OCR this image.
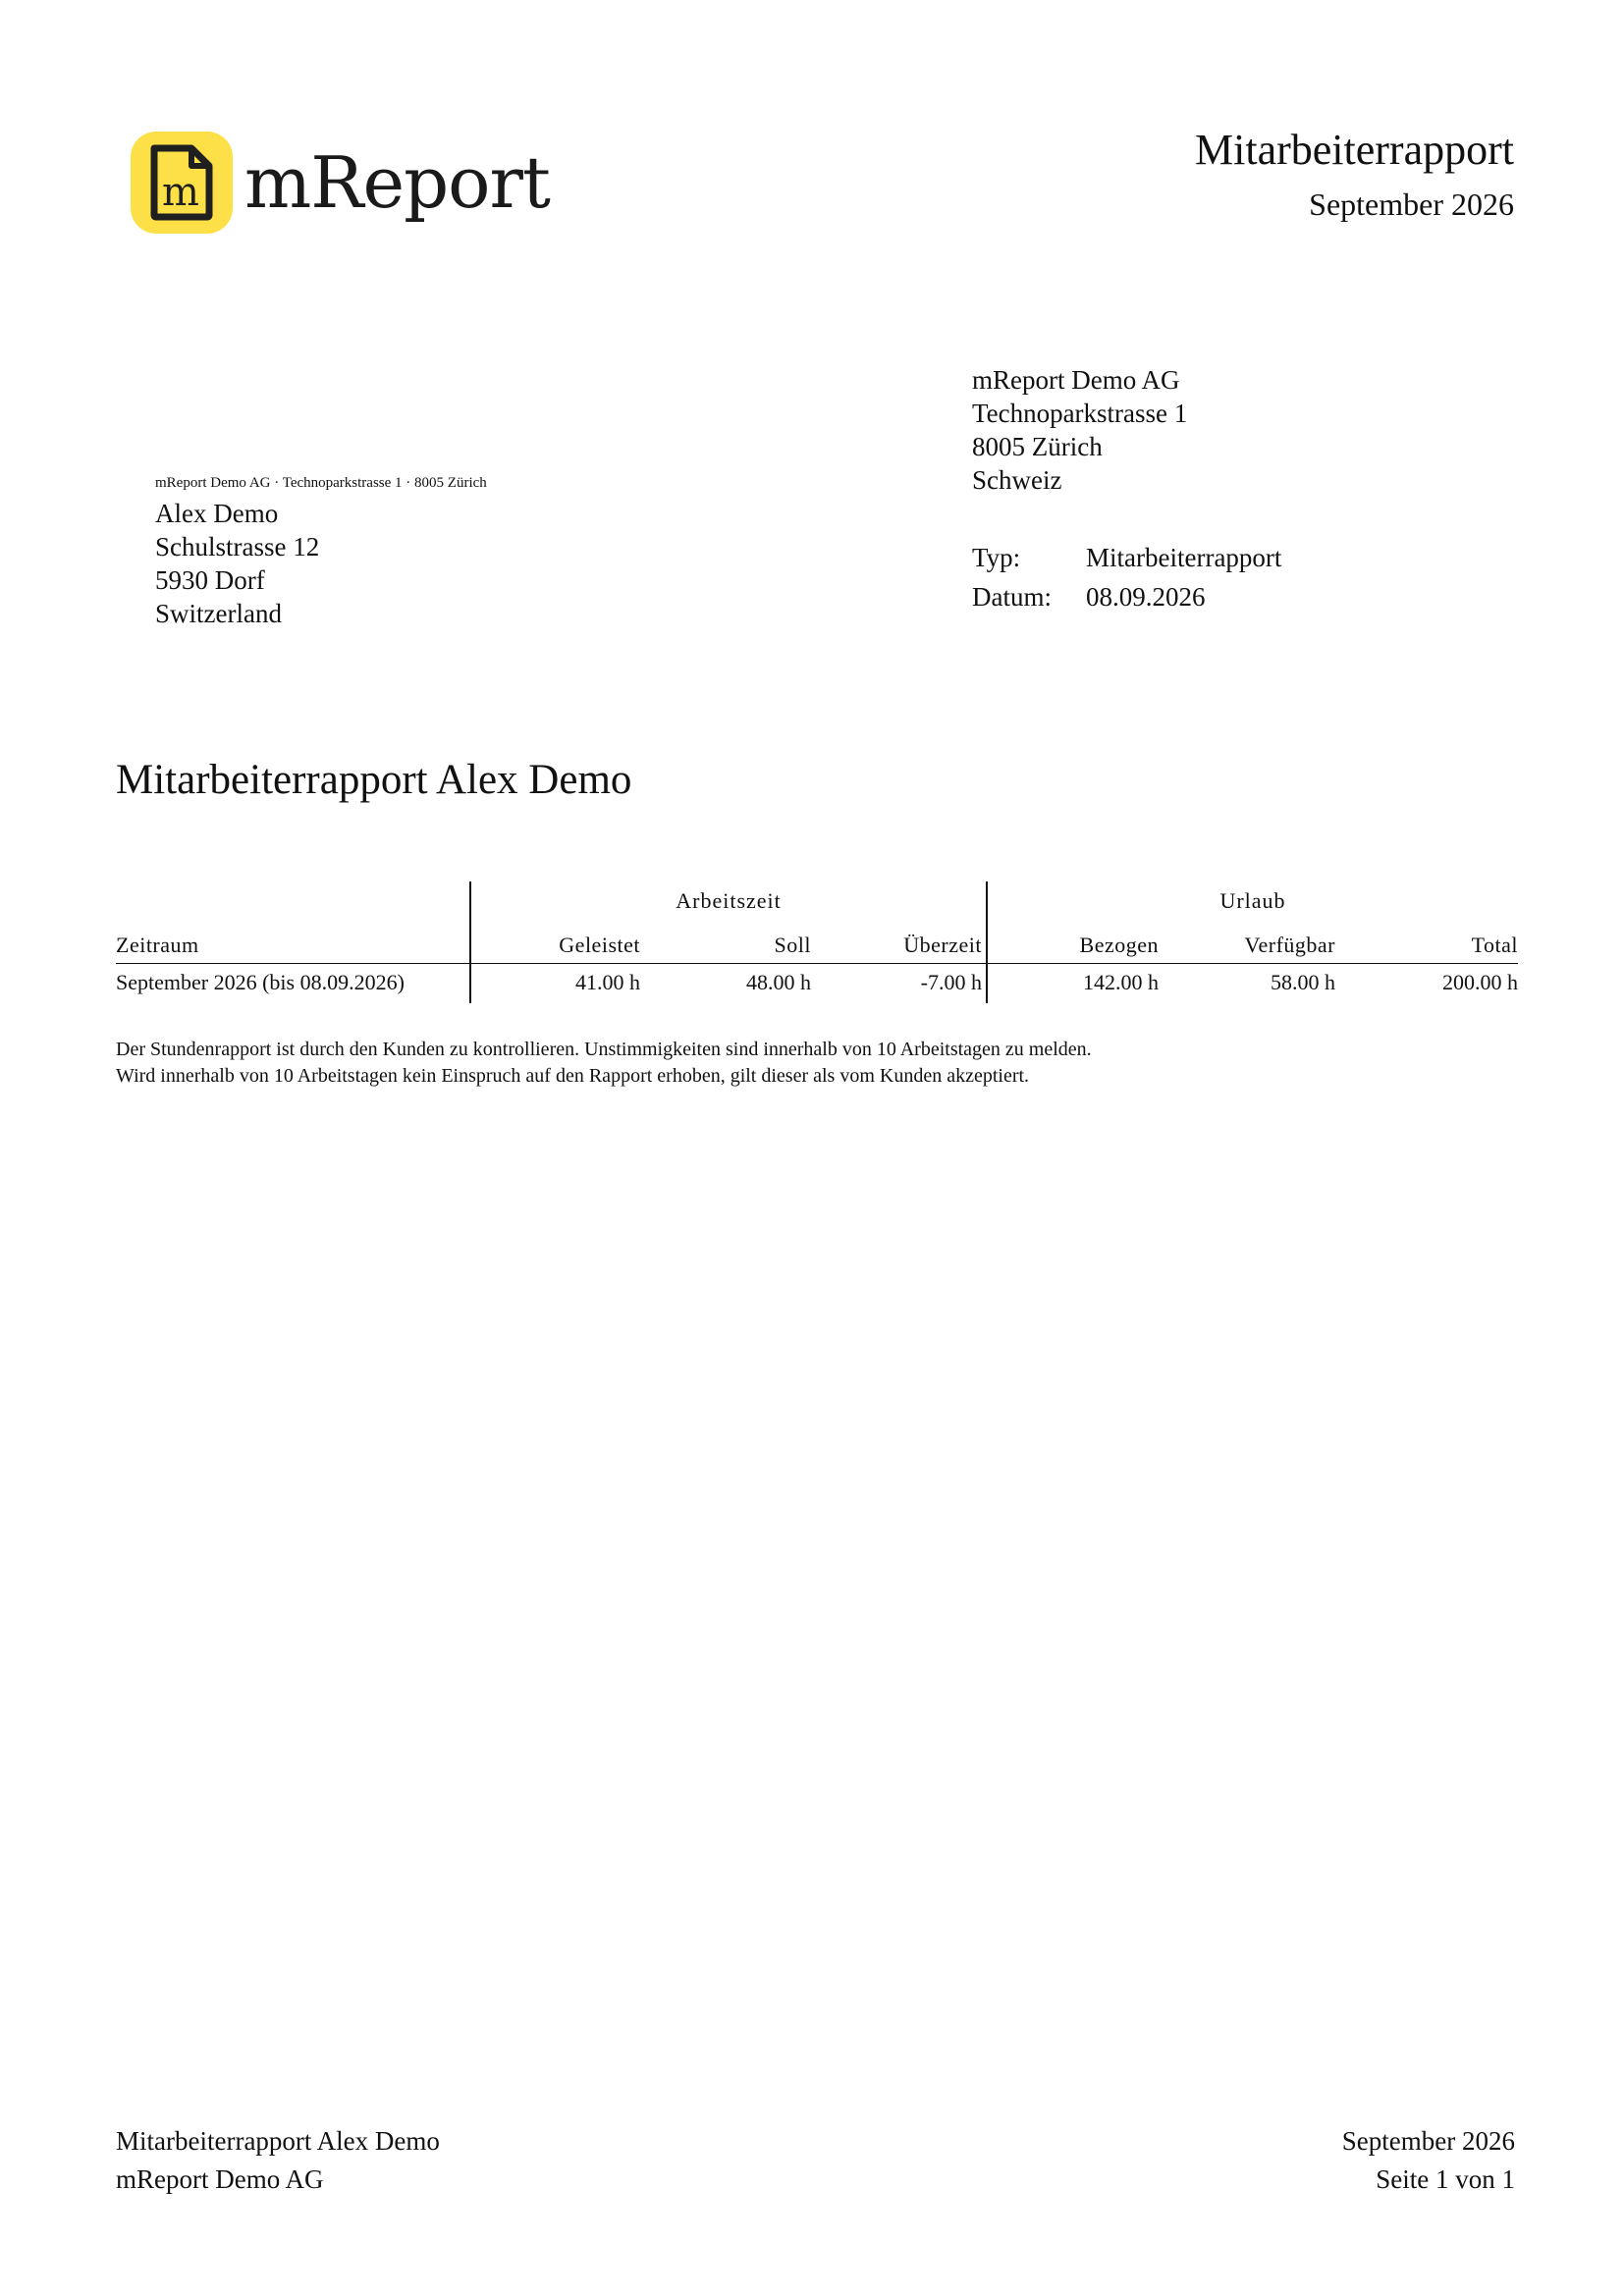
m mReport	Mitarbeiterrapport
September 2026
mReport Demo AG · Technoparkstrasse 1 · 8005 Zürich
Alex Demo
Schulstrasse 12
5930 Dorf
Switzerland
mReport Demo AG
Technoparkstrasse 1
8005 Zürich
Schweiz
Typ:	Mitarbeiterrapport
Datum:	08.09.2026
Mitarbeiterrapport Alex Demo
Arbeitszeit	Urlaub
Zeitraum	Geleistet	Soll	Überzeit	Bezogen	Verfügbar	Total
September 2026 (bis 08.09.2026)	41.00 h	48.00 h	-7.00 h	142.00 h	58.00 h	200.00 h
Der Stundenrapport ist durch den Kunden zu kontrollieren. Unstimmigkeiten sind innerhalb von 10 Arbeitstagen zu melden.
Wird innerhalb von 10 Arbeitstagen kein Einspruch auf den Rapport erhoben, gilt dieser als vom Kunden akzeptiert.
Mitarbeiterrapport Alex Demo
mReport Demo AG
September 2026
Seite 1 von 1
